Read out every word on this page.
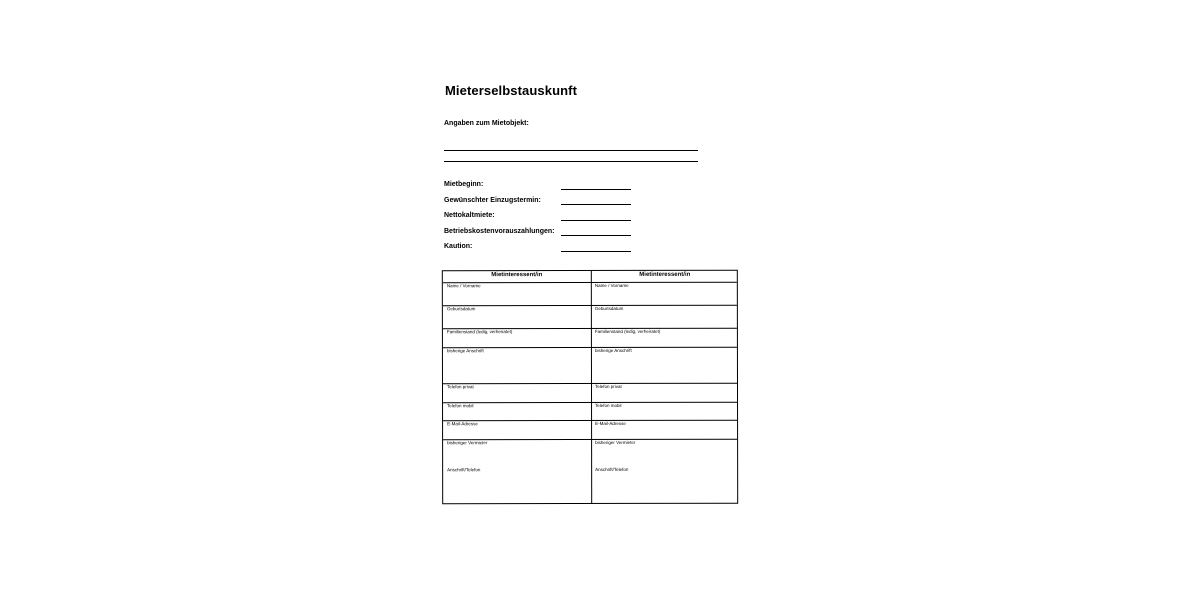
Mieterselbstauskunft
Angaben zum Mietobjekt:
Mietbeginn:
Gewünschter Einzugstermin:
Nettokaltmiete:
Betriebskostenvorauszahlungen:
Kaution:
Mietinteressent/in	Mietinteressent/in
Name / Vorname
Geburtsdatum
Familienstand (ledig, verheiratet)
bisherige Anschrift
Telefon privat
Telefon mobil
E-Mail-Adresse
bisheriger Vermieter
Anschrift/Telefon
Name / Vorname
Geburtsdatum
Familienstand (ledig, verheiratet)
bisherige Anschrift
Telefon privat
Telefon mobil
E-Mail-Adresse
bisheriger Vermieter
Anschrift/Telefon
